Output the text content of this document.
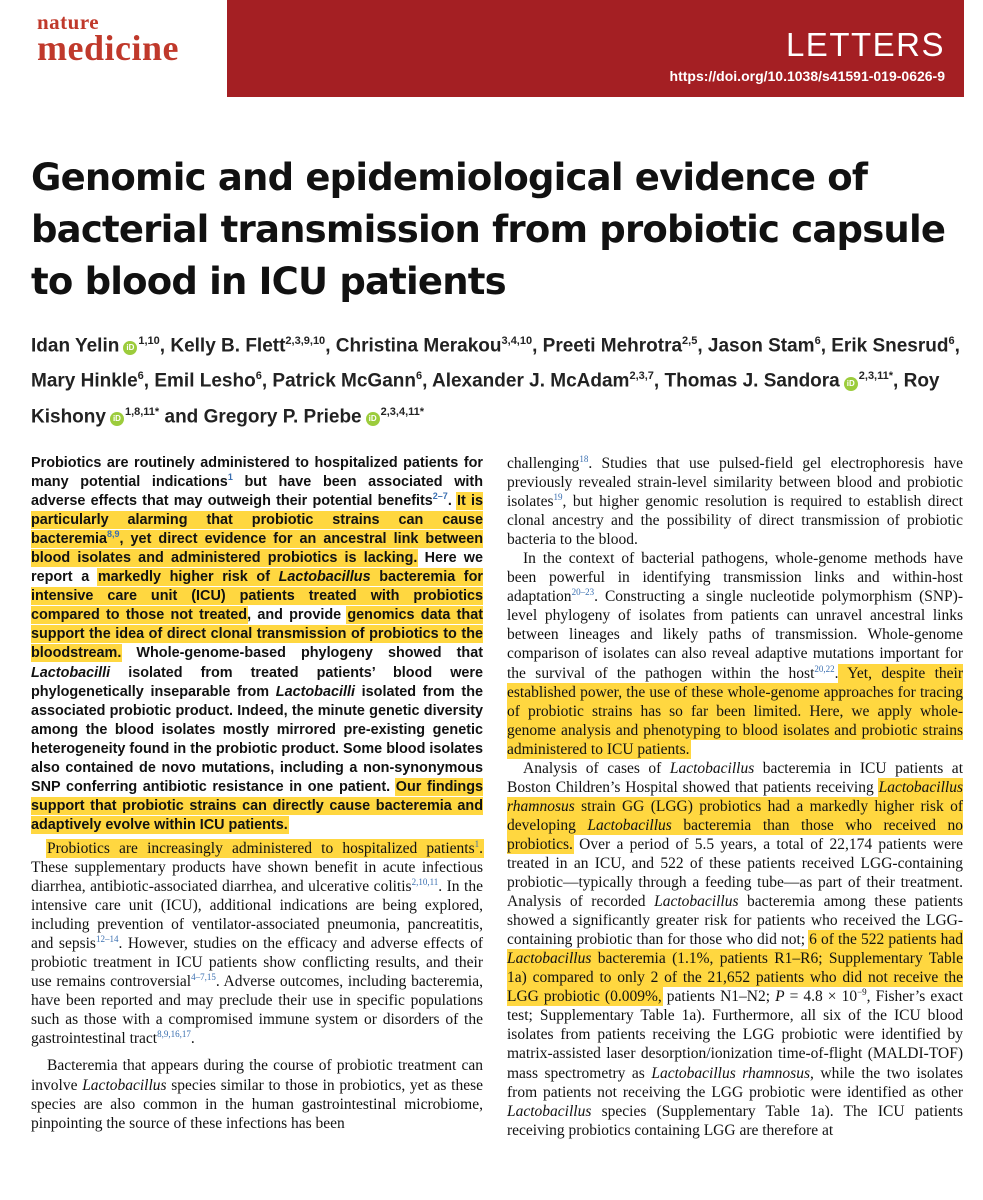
nature
medicine	LETTERS
https://doi.org/10.1038/s41591-019-0626-9
Genomic and epidemiological evidence of bacterial transmission from probiotic capsule to blood in ICU patients
Idan Yelin iD$^{1,10}$, Kelly B. Flett$^{2,3,9,10}$, Christina Merakou$^{3,4,10}$, Preeti Mehrotra$^{2,5}$, Jason Stam$^6$, Erik Snesrud$^6$, Mary Hinkle$^6$, Emil Lesho$^6$, Patrick McGann$^6$, Alexander J. McAdam$^{2,3,7}$, Thomas J. Sandora $iD^{2,3,11*}$, Roy Kishony $iD^{1,8,11*}$ and Gregory P. Priebe $iD^{2,3,4,11*}$

Probiotics are routinely administered to hospitalized patients for many potential indications$^1$ but have been associated with adverse effects that may outweigh their potential benefits$^{2-7}$. It is particularly alarming that probiotic strains can cause bacteremia$^{8,9}$, yet direct evidence for an ancestral link between blood isolates and administered probiotics is lacking. Here we report a markedly higher risk of Lactobacillus bacteremia for intensive care unit (ICU) patients treated with probiotics compared to those not treated, and provide genomics data that support the idea of direct clonal transmission of probiotics to the bloodstream. Whole-genome-based phylogeny showed that Lactobacilli isolated from treated patients’ blood were phylogenetically inseparable from Lactobacilli isolated from the associated probiotic product. Indeed, the minute genetic diversity among the blood isolates mostly mirrored pre-existing genetic heterogeneity found in the probiotic product. Some blood isolates also contained de novo mutations, including a non-synonymous SNP conferring antibiotic resistance in one patient. Our findings support that probiotic strains can directly cause bacteremia and adaptively evolve within ICU patients.

Probiotics are increasingly administered to hospitalized patients$^1$. These supplementary products have shown benefit in acute infectious diarrhea, antibiotic-associated diarrhea, and ulcerative colitis$^{2,10,11}$. In the intensive care unit (ICU), additional indications are being explored, including prevention of ventilator-associated pneumonia, pancreatitis, and sepsis$^{12-14}$. However, studies on the efficacy and adverse effects of probiotic treatment in ICU patients show conflicting results, and their use remains controversial$^{4-7,15}$. Adverse outcomes, including bacteremia, have been reported and may preclude their use in specific populations such as those with a compromised immune system or disorders of the gastrointestinal tract$^{8,9,16,17}$.

Bacteremia that appears during the course of probiotic treatment can involve Lactobacillus species similar to those in probiotics, yet as these species are also common in the human gastrointestinal microbiome, pinpointing the source of these infections has been

challenging$^{18}$. Studies that use pulsed-field gel electrophoresis have previously revealed strain-level similarity between blood and probiotic isolates$^{19}$, but higher genomic resolution is required to establish direct clonal ancestry and the possibility of direct transmission of probiotic bacteria to the blood.

In the context of bacterial pathogens, whole-genome methods have been powerful in identifying transmission links and within-host adaptation$^{20-23}$. Constructing a single nucleotide polymorphism (SNP)-level phylogeny of isolates from patients can unravel ancestral links between lineages and likely paths of transmission. Whole-genome comparison of isolates can also reveal adaptive mutations important for the survival of the pathogen within the host$^{20,22}$. Yet, despite their established power, the use of these whole-genome approaches for tracing of probiotic strains has so far been limited. Here, we apply whole-genome analysis and phenotyping to blood isolates and probiotic strains administered to ICU patients.

Analysis of cases of Lactobacillus bacteremia in ICU patients at Boston Children’s Hospital showed that patients receiving Lactobacillus rhamnosus strain GG (LGG) probiotics had a markedly higher risk of developing Lactobacillus bacteremia than those who received no probiotics. Over a period of 5.5 years, a total of 22,174 patients were treated in an ICU, and 522 of these patients received LGG-containing probiotic—typically through a feeding tube—as part of their treatment. Analysis of recorded Lactobacillus bacteremia among these patients showed a significantly greater risk for patients who received the LGG-containing probiotic than for those who did not; 6 of the 522 patients had Lactobacillus bacteremia (1.1%, patients R1–R6; Supplementary Table 1a) compared to only 2 of the 21,652 patients who did not receive the LGG probiotic (0.009%, patients N1–N2; $P = 4.8 \times 10^{-9}$, Fisher’s exact test; Supplementary Table 1a). Furthermore, all six of the ICU blood isolates from patients receiving the LGG probiotic were identified by matrix-assisted laser desorption/ionization time-of-flight (MALDI-TOF) mass spectrometry as Lactobacillus rhamnosus, while the two isolates from patients not receiving the LGG probiotic were identified as other Lactobacillus species (Supplementary Table 1a). The ICU patients receiving probiotics containing LGG are therefore at
